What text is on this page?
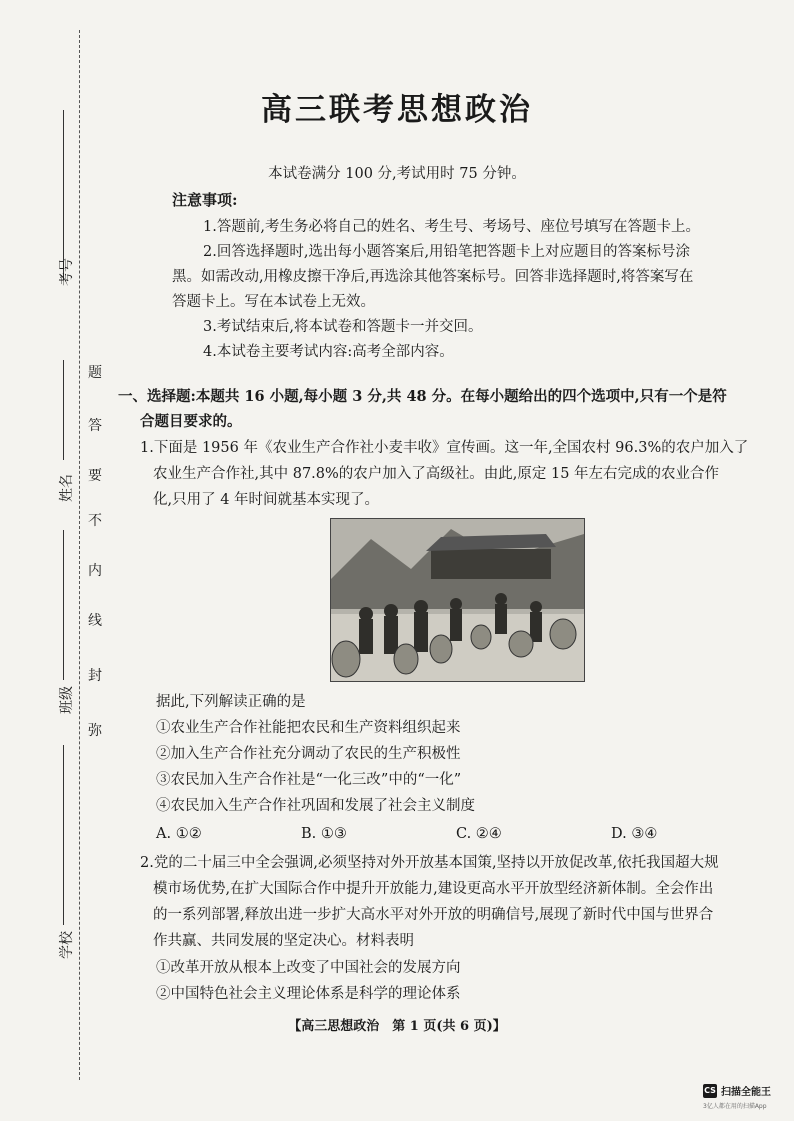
考号
姓名
班级
学校
弥
封
线
内
不
要
答
题
高三联考思想政治
本试卷满分 100 分,考试用时 75 分钟。
注意事项:
1.答题前,考生务必将自己的姓名、考生号、考场号、座位号填写在答题卡上。
2.回答选择题时,选出每小题答案后,用铅笔把答题卡上对应题目的答案标号涂
黑。如需改动,用橡皮擦干净后,再选涂其他答案标号。回答非选择题时,将答案写在
答题卡上。写在本试卷上无效。
3.考试结束后,将本试卷和答题卡一并交回。
4.本试卷主要考试内容:高考全部内容。
一、选择题:本题共 16 小题,每小题 3 分,共 48 分。在每小题给出的四个选项中,只有一个是符
合题目要求的。
1.下面是 1956 年《农业生产合作社小麦丰收》宣传画。这一年,全国农村 96.3%的农户加入了
农业生产合作社,其中 87.8%的农户加入了高级社。由此,原定 15 年左右完成的农业合作
化,只用了 4 年时间就基本实现了。
据此,下列解读正确的是
①农业生产合作社能把农民和生产资料组织起来
②加入生产合作社充分调动了农民的生产积极性
③农民加入生产合作社是“一化三改”中的“一化”
④农民加入生产合作社巩固和发展了社会主义制度
A. ①②	B. ①③	C. ②④	D. ③④
2.党的二十届三中全会强调,必须坚持对外开放基本国策,坚持以开放促改革,依托我国超大规
模市场优势,在扩大国际合作中提升开放能力,建设更高水平开放型经济新体制。全会作出
的一系列部署,释放出进一步扩大高水平对外开放的明确信号,展现了新时代中国与世界合
作共赢、共同发展的坚定决心。材料表明
①改革开放从根本上改变了中国社会的发展方向
②中国特色社会主义理论体系是科学的理论体系
【高三思想政治　第 1 页(共 6 页)】
CS 扫描全能王
3亿人都在用的扫描App
